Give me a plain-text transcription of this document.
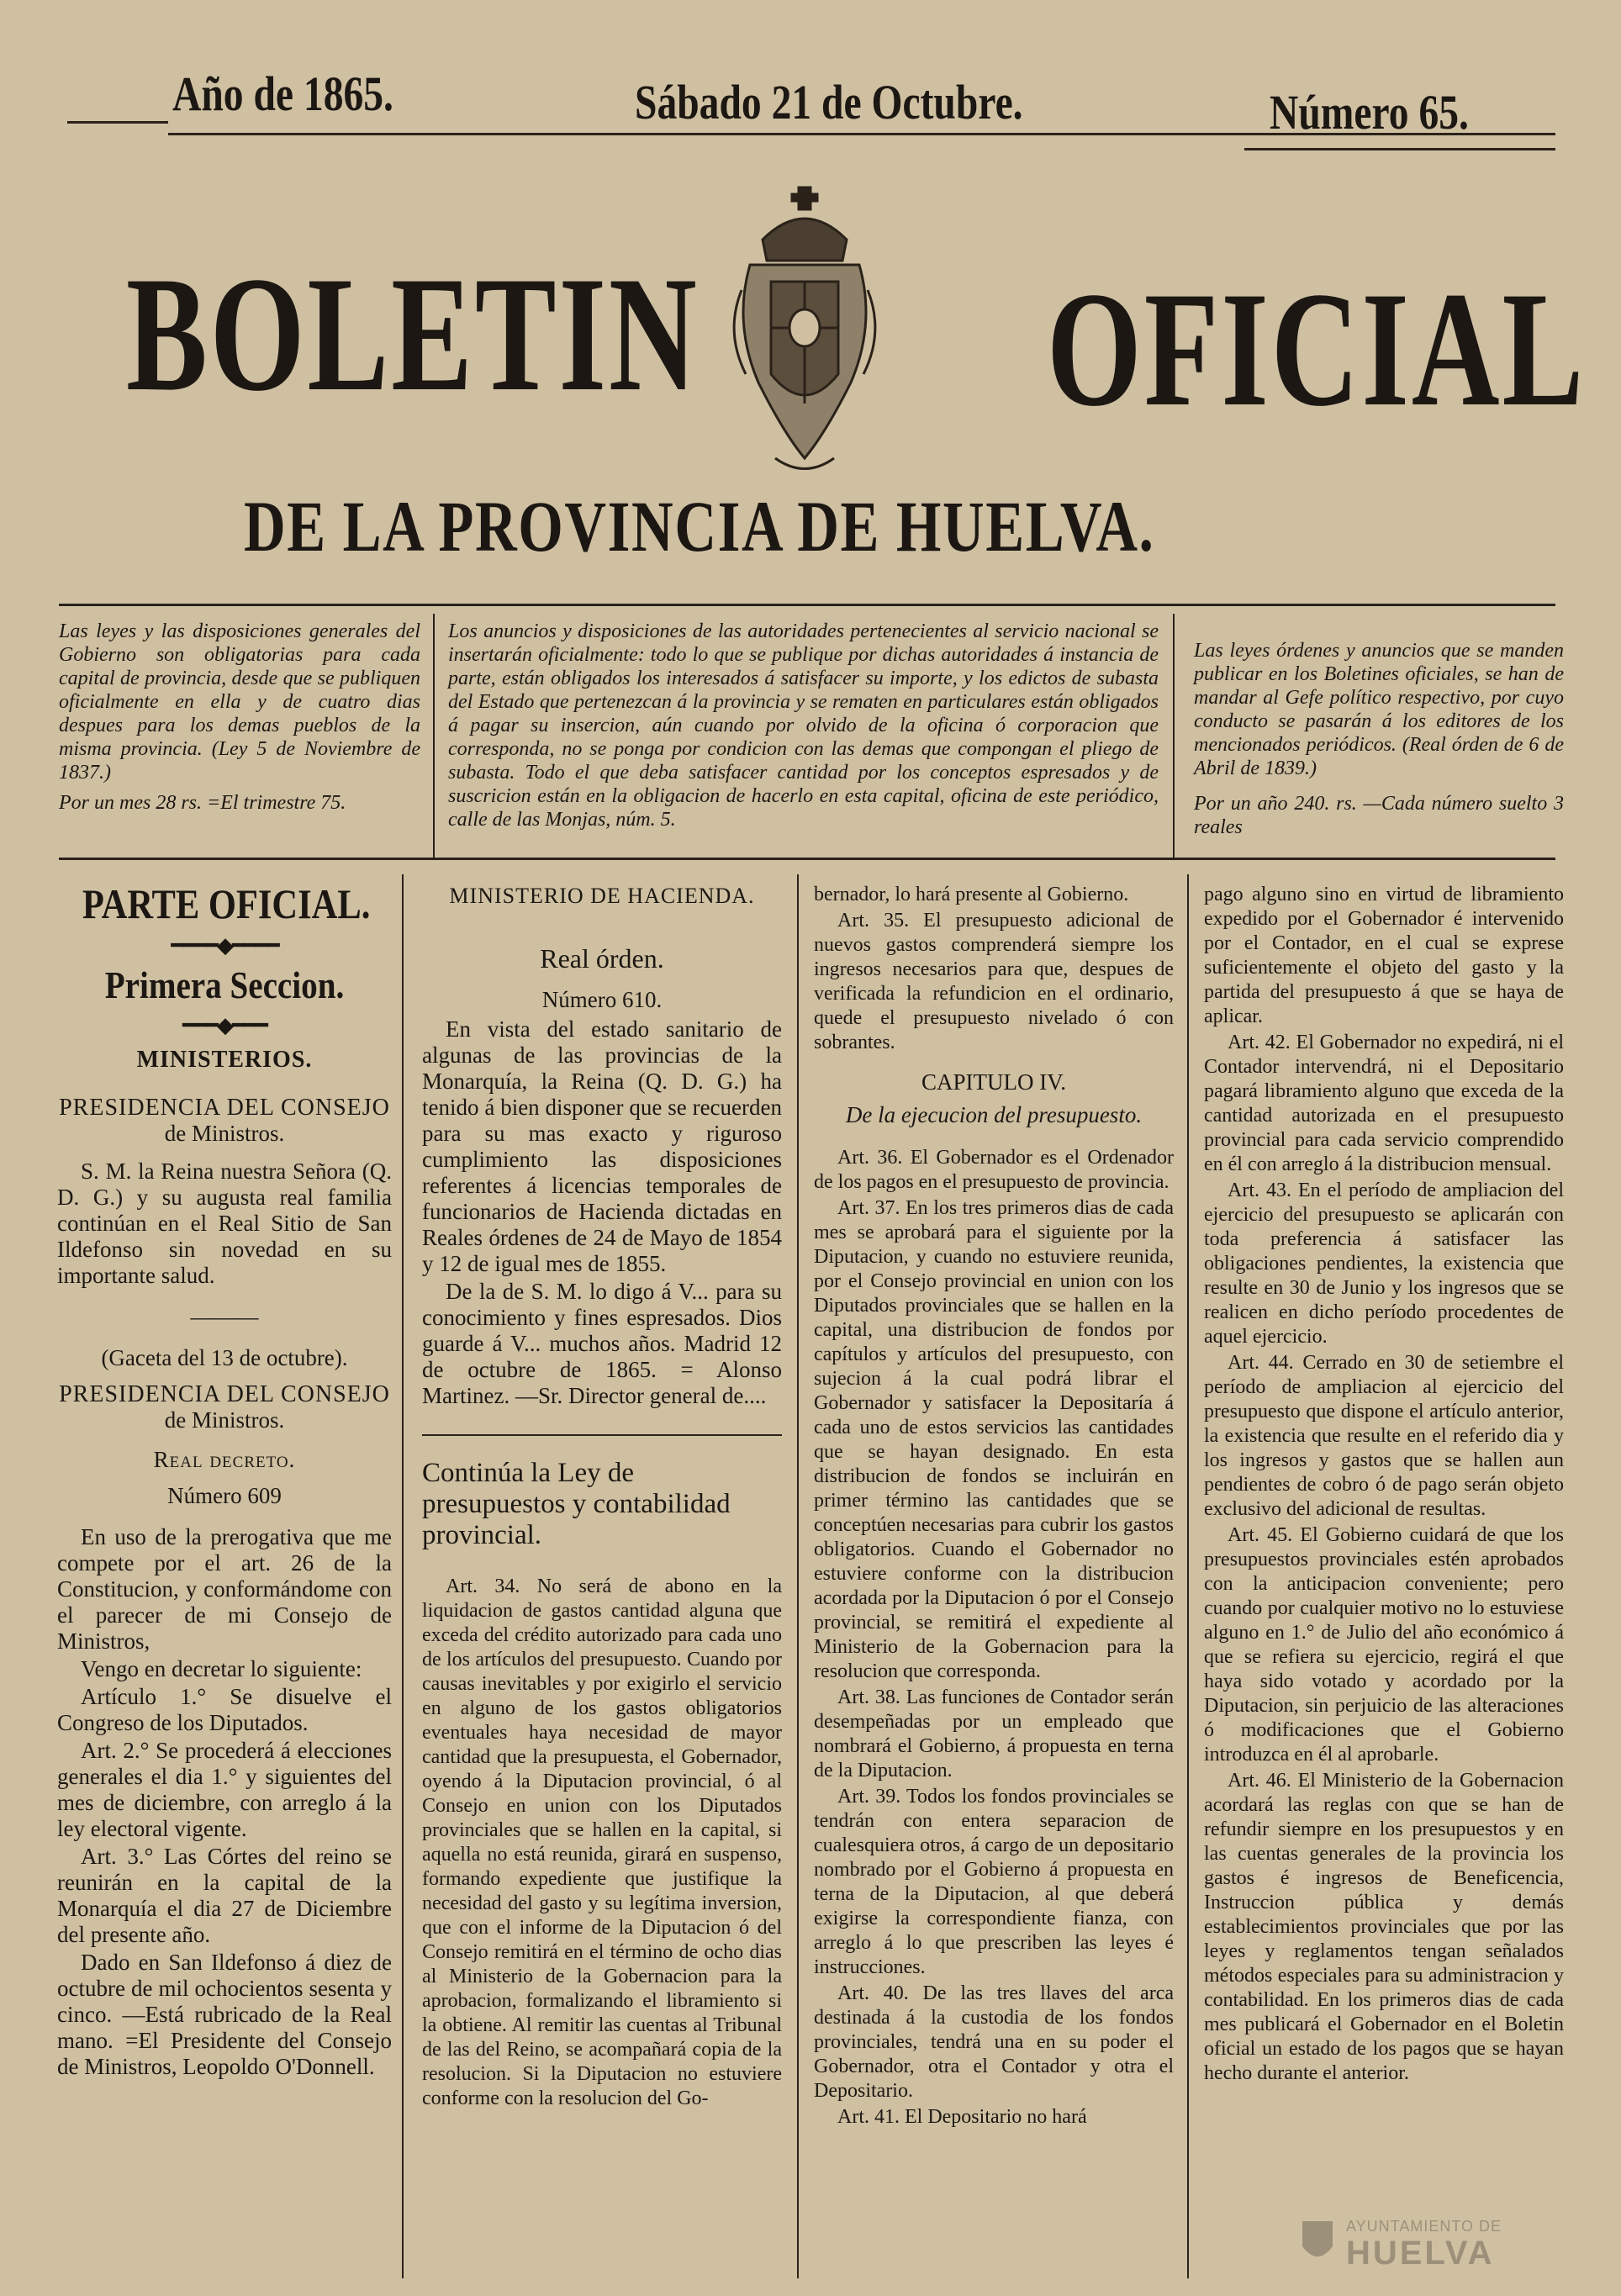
Año de 1865.	Sábado 21 de Octubre.	Número 65.
BOLETIN OFICIAL
DE LA PROVINCIA DE HUELVA.

Las leyes y las disposiciones generales del Gobierno son obligatorias para cada capital de provincia, desde que se publiquen oficialmente en ella y de cuatro dias despues para los demas pueblos de la misma provincia. (Ley 5 de Noviembre de 1837.)

Por un mes 28 rs. =El trimestre 75.

Los anuncios y disposiciones de las autoridades pertenecientes al servicio nacional se insertarán oficialmente: todo lo que se publique por dichas autoridades á instancia de parte, están obligados los interesados á satisfacer su importe, y los edictos de subasta del Estado que pertenezcan á la provincia y se rematen en particulares están obligados á pagar su insercion, aún cuando por olvido de la oficina ó corporacion que corresponda, no se ponga por condicion con las demas que compongan el pliego de subasta. Todo el que deba satisfacer cantidad por los conceptos espresados y de suscricion están en la obligacion de hacerlo en esta capital, oficina de este periódico, calle de las Monjas, núm. 5.

Las leyes órdenes y anuncios que se manden publicar en los Boletines oficiales, se han de mandar al Gefe político respectivo, por cuyo conducto se pasarán á los editores de los mencionados periódicos. (Real órden de 6 de Abril de 1839.)

Por un año 240. rs. —Cada número suelto 3 reales

PARTE OFICIAL.
━━━━◆━━━━
Primera Seccion.
━━━◆━━━
MINISTERIOS.
PRESIDENCIA DEL CONSEJO
de Ministros.

S. M. la Reina nuestra Señora (Q. D. G.) y su augusta real familia continúan en el Real Sitio de San Ildefonso sin novedad en su importante salud.

———
(Gaceta del 13 de octubre).
PRESIDENCIA DEL CONSEJO
de Ministros.
Real decreto.
Número 609

En uso de la prerogativa que me compete por el art. 26 de la Constitucion, y conformándome con el parecer de mi Consejo de Ministros,

Vengo en decretar lo siguiente:

Artículo 1.° Se disuelve el Congreso de los Diputados.

Art. 2.° Se procederá á elecciones generales el dia 1.° y siguientes del mes de diciembre, con arreglo á la ley electoral vigente.

Art. 3.° Las Córtes del reino se reunirán en la capital de la Monarquía el dia 27 de Diciembre del presente año.

Dado en San Ildefonso á diez de octubre de mil ochocientos sesenta y cinco. —Está rubricado de la Real mano. =El Presidente del Consejo de Ministros, Leopoldo O'Donnell.

MINISTERIO DE HACIENDA.
Real órden.
Número 610.

En vista del estado sanitario de algunas de las provincias de la Monarquía, la Reina (Q. D. G.) ha tenido á bien disponer que se recuerden para su mas exacto y riguroso cumplimiento las disposiciones referentes á licencias temporales de funcionarios de Hacienda dictadas en Reales órdenes de 24 de Mayo de 1854 y 12 de igual mes de 1855.

De la de S. M. lo digo á V... para su conocimiento y fines espresados. Dios guarde á V... muchos años. Madrid 12 de octubre de 1865. = Alonso Martinez. —Sr. Director general de....

Continúa la Ley de presupuestos y contabilidad provincial.

Art. 34. No será de abono en la liquidacion de gastos cantidad alguna que exceda del crédito autorizado para cada uno de los artículos del presupuesto. Cuando por causas inevitables y por exigirlo el servicio en alguno de los gastos obligatorios eventuales haya necesidad de mayor cantidad que la presupuesta, el Gobernador, oyendo á la Diputacion provincial, ó al Consejo en union con los Diputados provinciales que se hallen en la capital, si aquella no está reunida, girará en suspenso, formando expediente que justifique la necesidad del gasto y su legítima inversion, que con el informe de la Diputacion ó del Consejo remitirá en el término de ocho dias al Ministerio de la Gobernacion para la aprobacion, formalizando el libramiento si la obtiene. Al remitir las cuentas al Tribunal de las del Reino, se acompañará copia de la resolucion. Si la Diputacion no estuviere conforme con la resolucion del Go-

bernador, lo hará presente al Gobierno.

Art. 35. El presupuesto adicional de nuevos gastos comprenderá siempre los ingresos necesarios para que, despues de verificada la refundicion en el ordinario, quede el presupuesto nivelado ó con sobrantes.

CAPITULO IV.
De la ejecucion del presupuesto.

Art. 36. El Gobernador es el Ordenador de los pagos en el presupuesto de provincia.

Art. 37. En los tres primeros dias de cada mes se aprobará para el siguiente por la Diputacion, y cuando no estuviere reunida, por el Consejo provincial en union con los Diputados provinciales que se hallen en la capital, una distribucion de fondos por capítulos y artículos del presupuesto, con sujecion á la cual podrá librar el Gobernador y satisfacer la Depositaría á cada uno de estos servicios las cantidades que se hayan designado. En esta distribucion de fondos se incluirán en primer término las cantidades que se conceptúen necesarias para cubrir los gastos obligatorios. Cuando el Gobernador no estuviere conforme con la distribucion acordada por la Diputacion ó por el Consejo provincial, se remitirá el expediente al Ministerio de la Gobernacion para la resolucion que corresponda.

Art. 38. Las funciones de Contador serán desempeñadas por un empleado que nombrará el Gobierno, á propuesta en terna de la Diputacion.

Art. 39. Todos los fondos provinciales se tendrán con entera separacion de cualesquiera otros, á cargo de un depositario nombrado por el Gobierno á propuesta en terna de la Diputacion, al que deberá exigirse la correspondiente fianza, con arreglo á lo que prescriben las leyes é instrucciones.

Art. 40. De las tres llaves del arca destinada á la custodia de los fondos provinciales, tendrá una en su poder el Gobernador, otra el Contador y otra el Depositario.

Art. 41. El Depositario no hará

pago alguno sino en virtud de libramiento expedido por el Gobernador é intervenido por el Contador, en el cual se exprese suficientemente el objeto del gasto y la partida del presupuesto á que se haya de aplicar.

Art. 42. El Gobernador no expedirá, ni el Contador intervendrá, ni el Depositario pagará libramiento alguno que exceda de la cantidad autorizada en el presupuesto provincial para cada servicio comprendido en él con arreglo á la distribucion mensual.

Art. 43. En el período de ampliacion del ejercicio del presupuesto se aplicarán con toda preferencia á satisfacer las obligaciones pendientes, la existencia que resulte en 30 de Junio y los ingresos que se realicen en dicho período procedentes de aquel ejercicio.

Art. 44. Cerrado en 30 de setiembre el período de ampliacion al ejercicio del presupuesto que dispone el artículo anterior, la existencia que resulte en el referido dia y los ingresos y gastos que se hallen aun pendientes de cobro ó de pago serán objeto exclusivo del adicional de resultas.

Art. 45. El Gobierno cuidará de que los presupuestos provinciales estén aprobados con la anticipacion conveniente; pero cuando por cualquier motivo no lo estuviese alguno en 1.° de Julio del año económico á que se refiera su ejercicio, regirá el que haya sido votado y acordado por la Diputacion, sin perjuicio de las alteraciones ó modificaciones que el Gobierno introduzca en él al aprobarle.

Art. 46. El Ministerio de la Gobernacion acordará las reglas con que se han de refundir siempre en los presupuestos y en las cuentas generales de la provincia los gastos é ingresos de Beneficencia, Instruccion pública y demás establecimientos provinciales que por las leyes y reglamentos tengan señalados métodos especiales para su administracion y contabilidad. En los primeros dias de cada mes publicará el Gobernador en el Boletin oficial un estado de los pagos que se hayan hecho durante el anterior.

AYUNTAMIENTO DE
HUELVA
